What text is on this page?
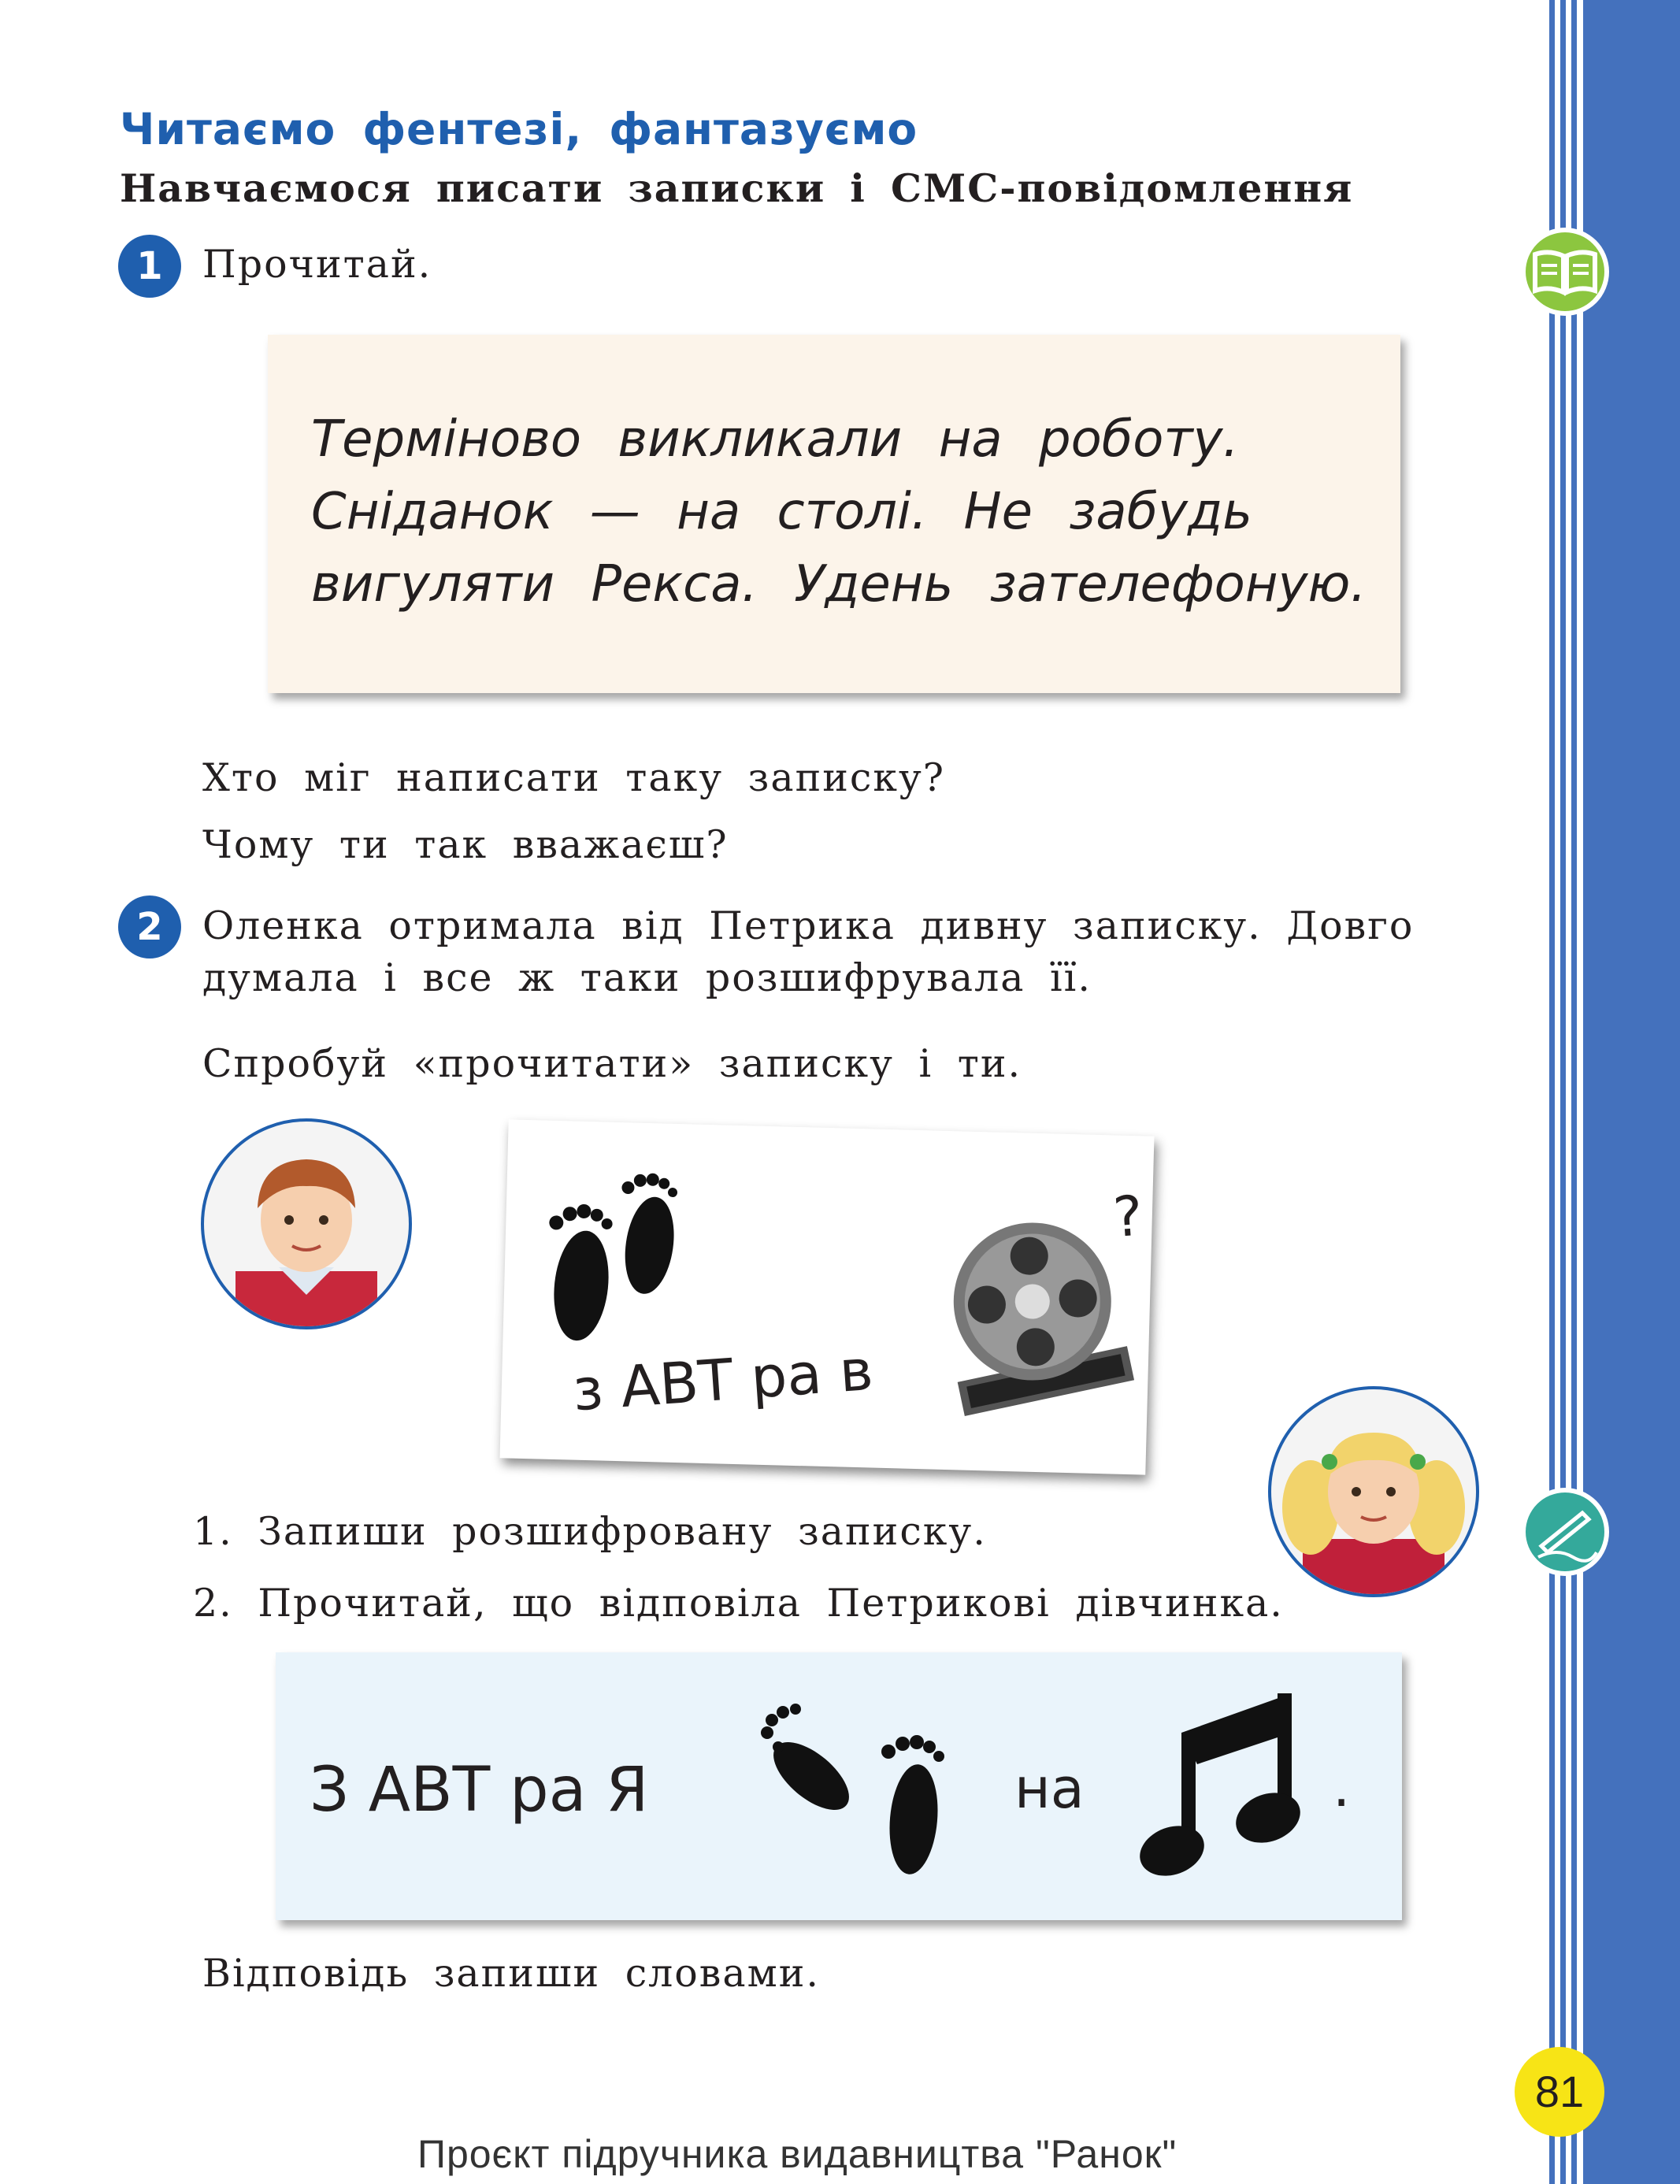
Читаємо фентезі, фантазуємо
Навчаємося писати записки і СМС-повідомлення
1	Прочитай.
Терміново викликали на роботу.
Сніданок — на столі. Не забудь
вигуляти Рекса. Удень зателефоную.
Хто міг написати таку записку?
Чому ти так вважаєш?
2	Оленка отримала від Петрика дивну записку. Довго
думала і все ж таки розшифрувала її.
Спробуй «прочитати» записку і ти.
з АВТ ра в
?
1. Запиши розшифровану записку.
2. Прочитай, що відповіла Петрикові дівчинка.
З АВТ ра Я	на	.
Відповідь запиши словами.
81
Проєкт підручника видавництва "Ранок"
